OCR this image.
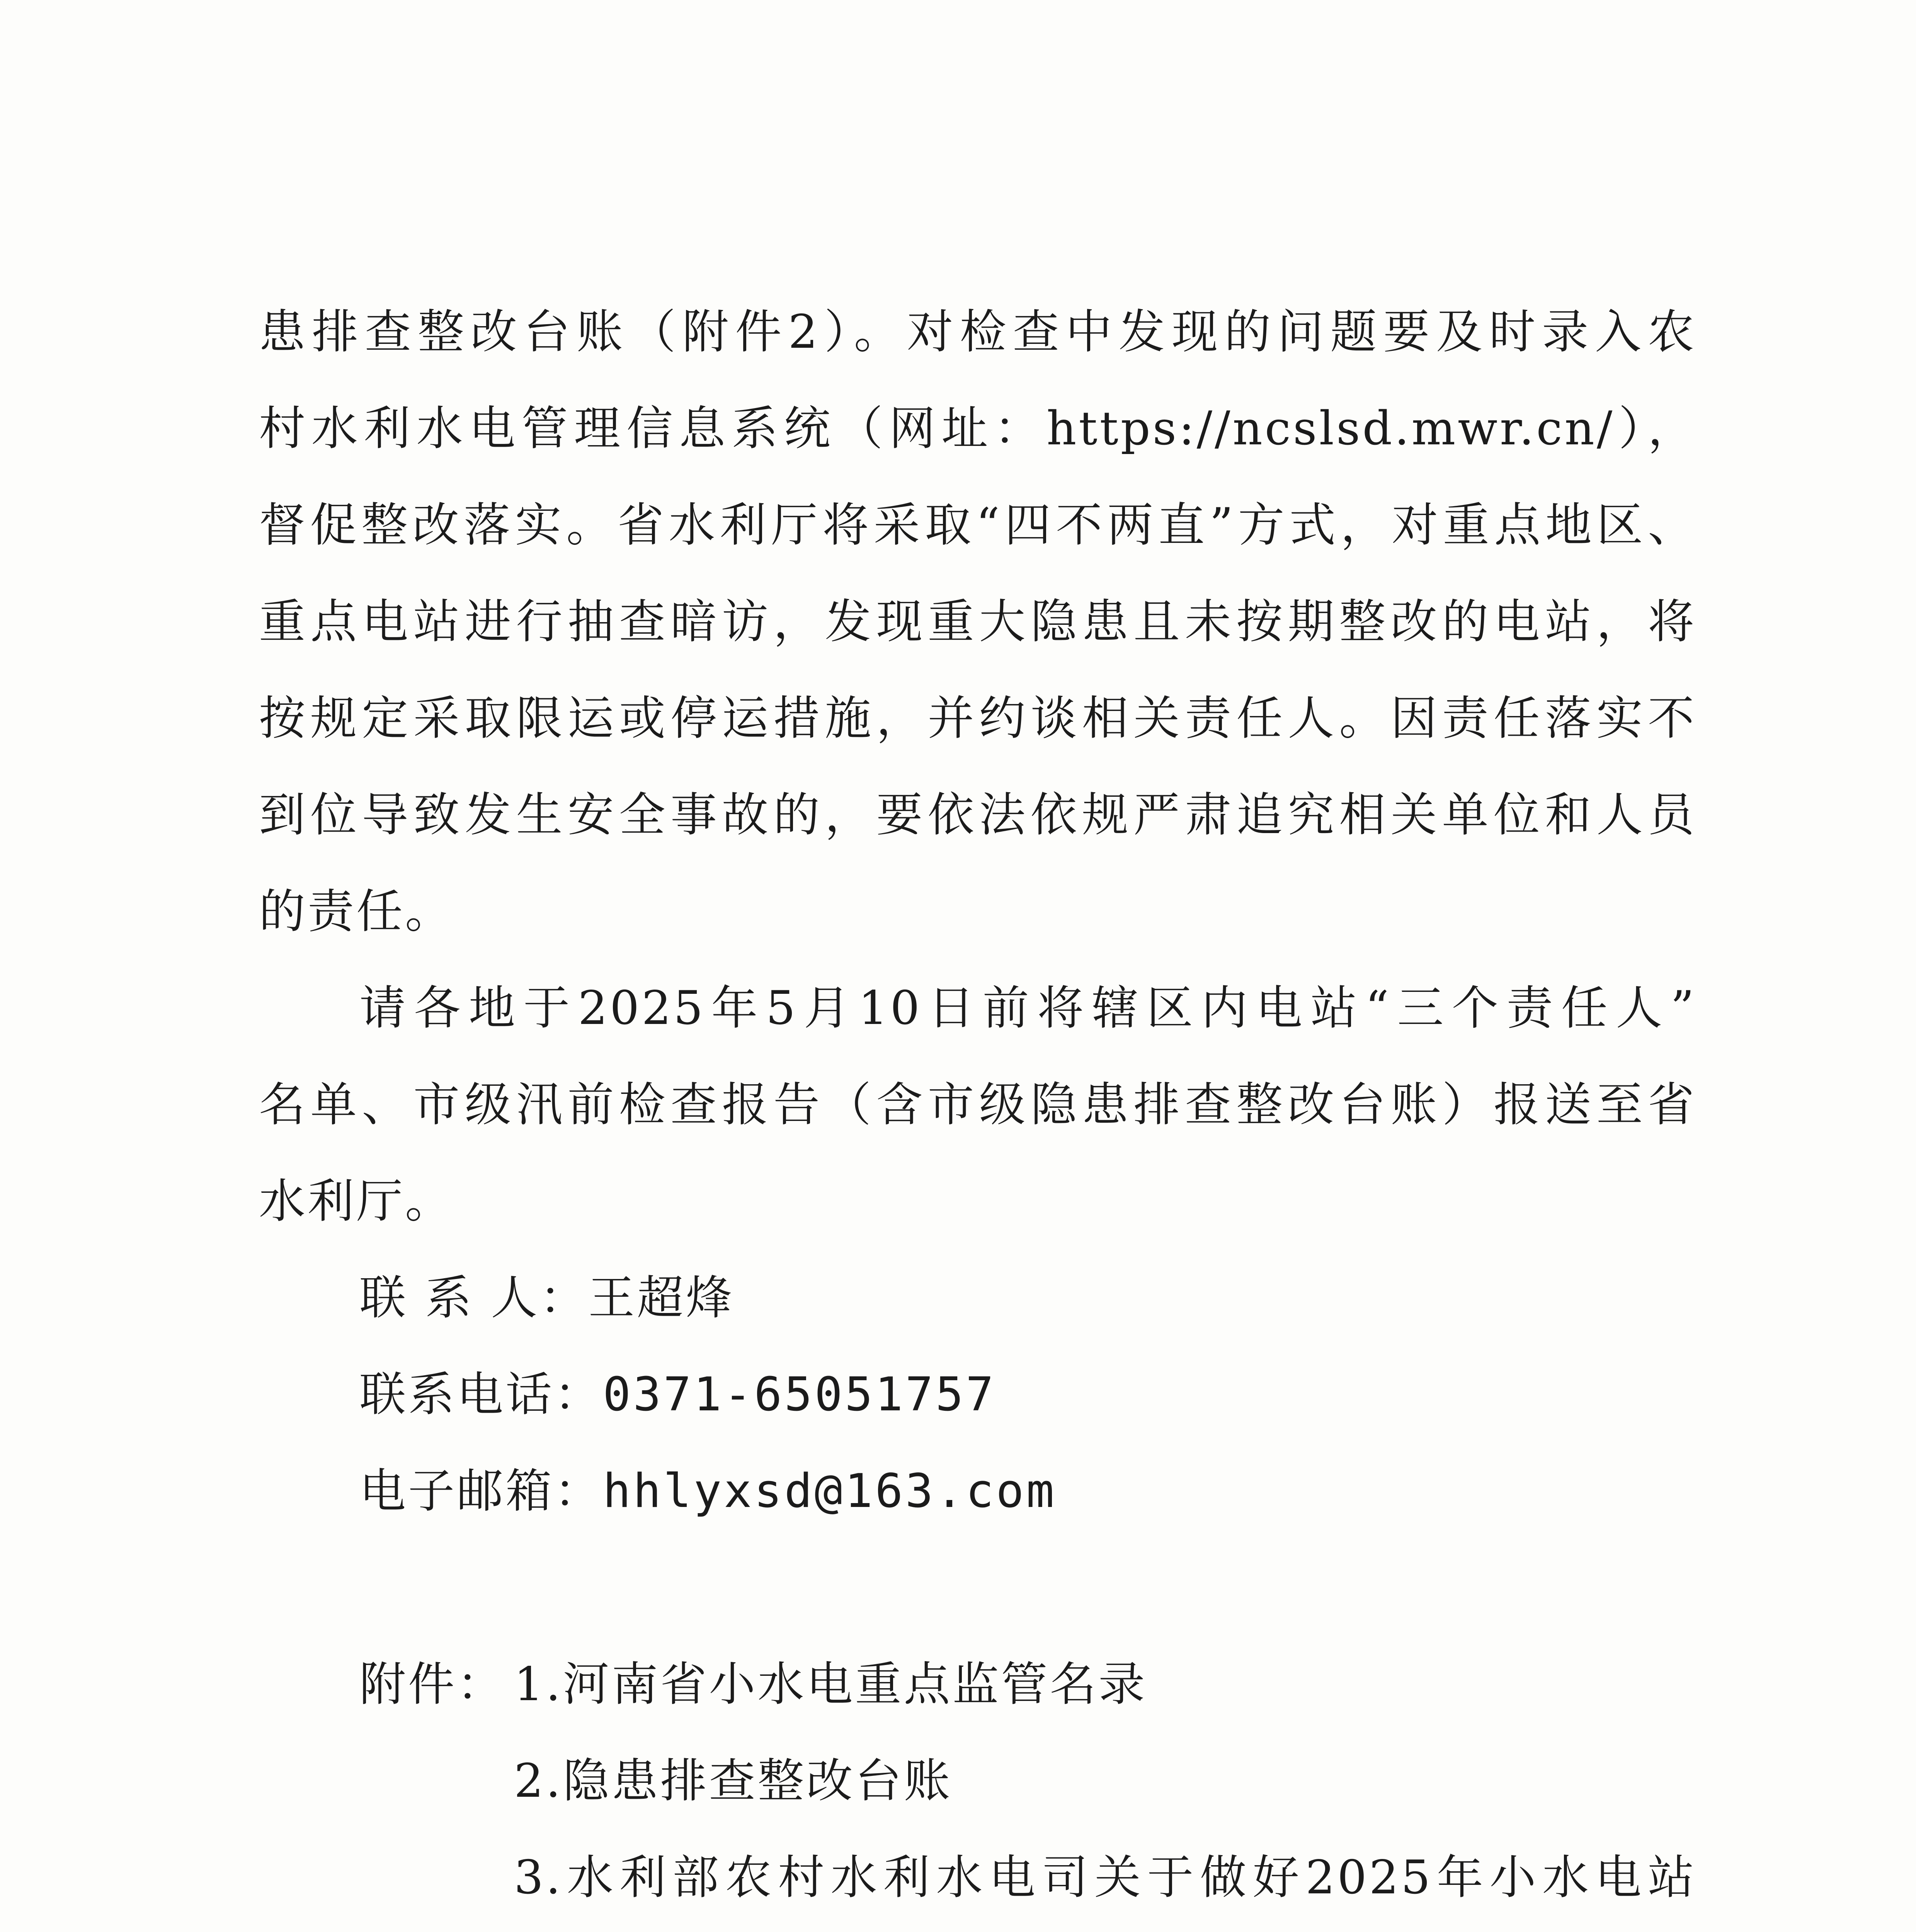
患排查整改台账（附件2）。对检查中发现的问题要及时录入农
村水利水电管理信息系统（网址：https://ncslsd.mwr.cn/），
督促整改落实。省水利厅将采取“四不两直”方式，对重点地区、
重点电站进行抽查暗访，发现重大隐患且未按期整改的电站，将
按规定采取限运或停运措施，并约谈相关责任人。因责任落实不
到位导致发生安全事故的，要依法依规严肃追究相关单位和人员
的责任。
请各地于2025年5月10日前将辖区内电站“三个责任人”
名单、市级汛前检查报告（含市级隐患排查整改台账）报送至省
水利厅。
联 系 人：王超烽
联系电话：0371-65051757
电子邮箱：hhlyxsd@163.com
附件： 1.河南省小水电重点监管名录
2.隐患排查整改台账
3.水利部农村水利水电司关于做好2025年小水电站
